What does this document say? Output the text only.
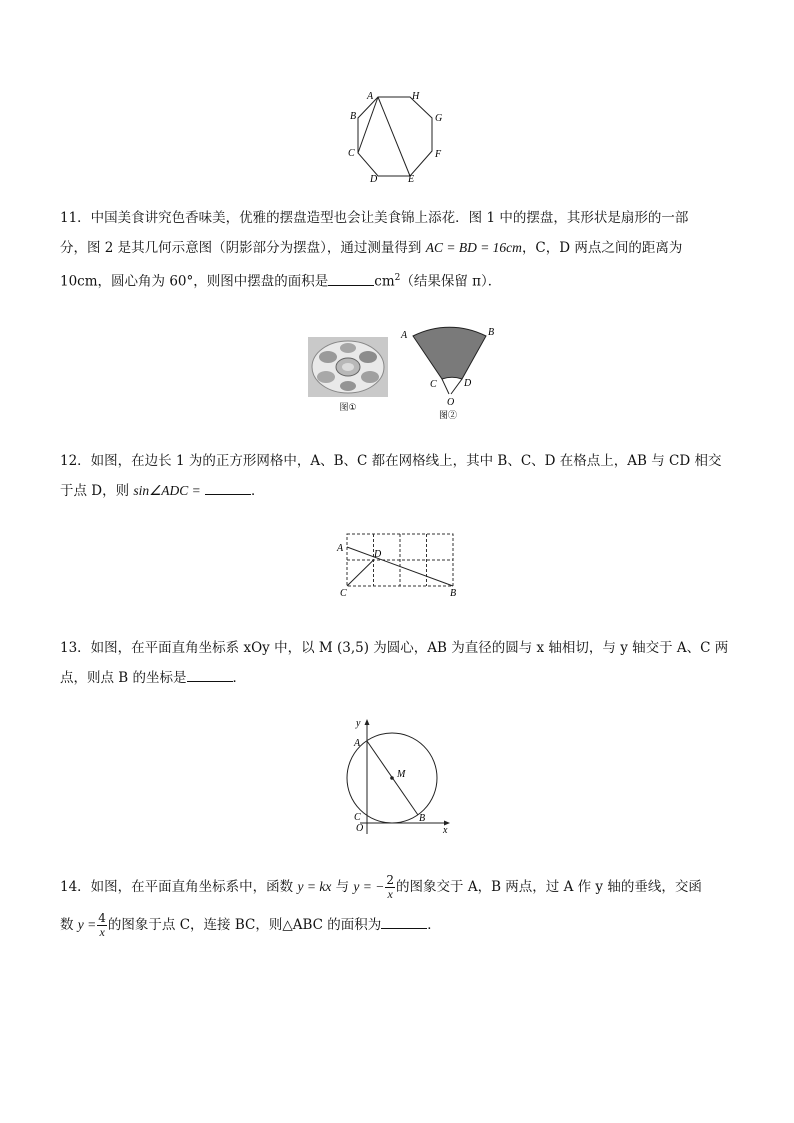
A	H
B	G
C	F
D	E
11．中国美食讲究色香味美，优雅的摆盘造型也会让美食锦上添花．图 1 中的摆盘，其形状是扇形的一部
分，图 2 是其几何示意图（阴影部分为摆盘），通过测量得到 AC = BD = 16cm，C，D 两点之间的距离为
10cm，圆心角为 60°，则图中摆盘的面积是	$cm^2$（结果保留 π）．
图①
A	B
C	D
O
图②
12．如图，在边长 1 为的正方形网格中，A、B、C 都在网格线上，其中 B、C、D 在格点上，AB 与 CD 相交
于点 D，则 sin∠ADC =	．
A
D
C	B
13．如图，在平面直角坐标系 xOy 中，以 M (3,5) 为圆心，AB 为直径的圆与 x 轴相切，与 y 轴交于 A、C 两
点，则点 B 的坐标是	．
y
A
M
C
O
B
x
14．如图，在平面直角坐标系中，函数 y = kx 与 y = − $\frac{2}{x}$ 的图象交于 A，B 两点，过 A 作 y 轴的垂线，交函
数 $y = \frac{4}{x}$ 的图象于点 C，连接 BC，则△ABC 的面积为	．
